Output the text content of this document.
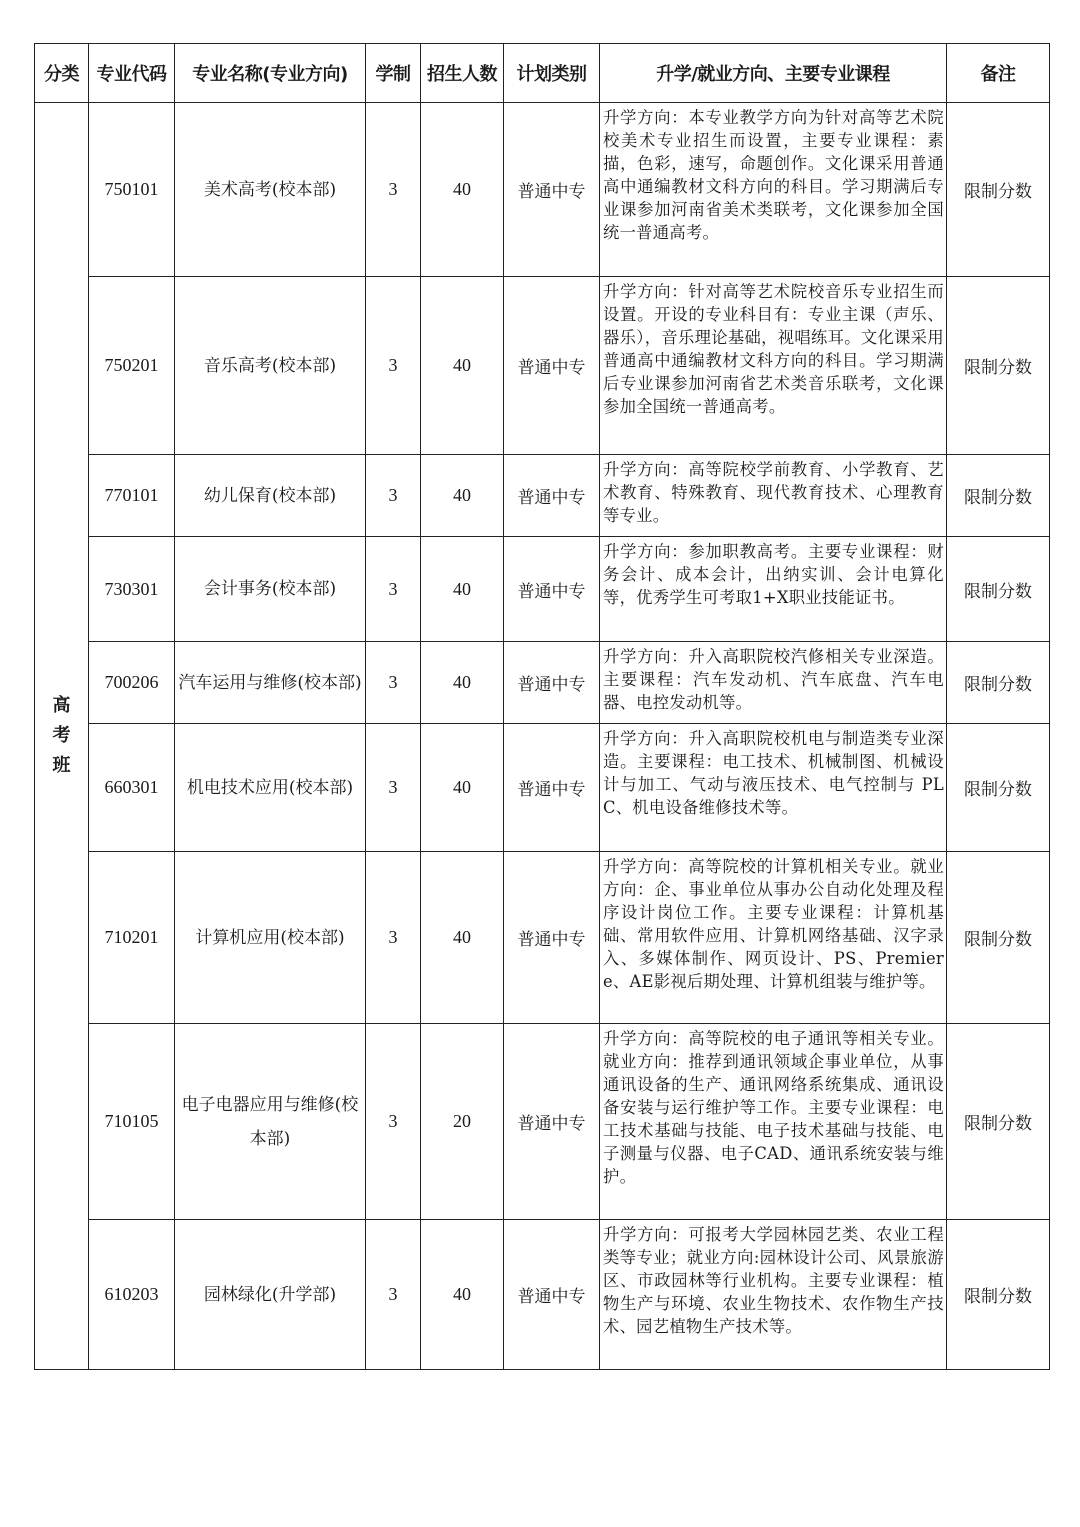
分类	专业代码	专业名称(专业方向)	学制	招生人数	计划类别	升学/就业方向、主要专业课程	备注

高考班	750101	美术高考(校本部)	3	40	普通中专	升学方向：本专业教学方向为针对高等艺术院校美术专业招生而设置，主要专业课程：素描，色彩，速写，命题创作。文化课采用普通高中通编教材文科方向的科目。学习期满后专业课参加河南省美术类联考，文化课参加全国统一普通高考。	限制分数
	750201	音乐高考(校本部)	3	40	普通中专	升学方向：针对高等艺术院校音乐专业招生而设置。开设的专业科目有：专业主课（声乐、器乐），音乐理论基础，视唱练耳。文化课采用普通高中通编教材文科方向的科目。学习期满后专业课参加河南省艺术类音乐联考，文化课参加全国统一普通高考。	限制分数
	770101	幼儿保育(校本部)	3	40	普通中专	升学方向：高等院校学前教育、小学教育、艺术教育、特殊教育、现代教育技术、心理教育等专业。	限制分数
	730301	会计事务(校本部)	3	40	普通中专	升学方向：参加职教高考。主要专业课程：财务会计、成本会计，出纳实训、会计电算化等，优秀学生可考取1+X职业技能证书。	限制分数
	700206	汽车运用与维修(校本部)	3	40	普通中专	升学方向：升入高职院校汽修相关专业深造。主要课程：汽车发动机、汽车底盘、汽车电器、电控发动机等。	限制分数
	660301	机电技术应用(校本部)	3	40	普通中专	升学方向：升入高职院校机电与制造类专业深造。主要课程：电工技术、机械制图、机械设计与加工、气动与液压技术、电气控制与 PLC、机电设备维修技术等。	限制分数
	710201	计算机应用(校本部)	3	40	普通中专	升学方向：高等院校的计算机相关专业。就业方向：企、事业单位从事办公自动化处理及程序设计岗位工作。主要专业课程：计算机基础、常用软件应用、计算机网络基础、汉字录入、多媒体制作、网页设计、PS、Premiere、AE影视后期处理、计算机组装与维护等。	限制分数
	710105	电子电器应用与维修(校本部)	3	20	普通中专	升学方向：高等院校的电子通讯等相关专业。就业方向：推荐到通讯领域企事业单位，从事通讯设备的生产、通讯网络系统集成、通讯设备安装与运行维护等工作。主要专业课程：电工技术基础与技能、电子技术基础与技能、电子测量与仪器、电子CAD、通讯系统安装与维护。	限制分数
	610203	园林绿化(升学部)	3	40	普通中专	升学方向：可报考大学园林园艺类、农业工程类等专业；就业方向:园林设计公司、风景旅游区、市政园林等行业机构。主要专业课程：植物生产与环境、农业生物技术、农作物生产技术、园艺植物生产技术等。	限制分数
